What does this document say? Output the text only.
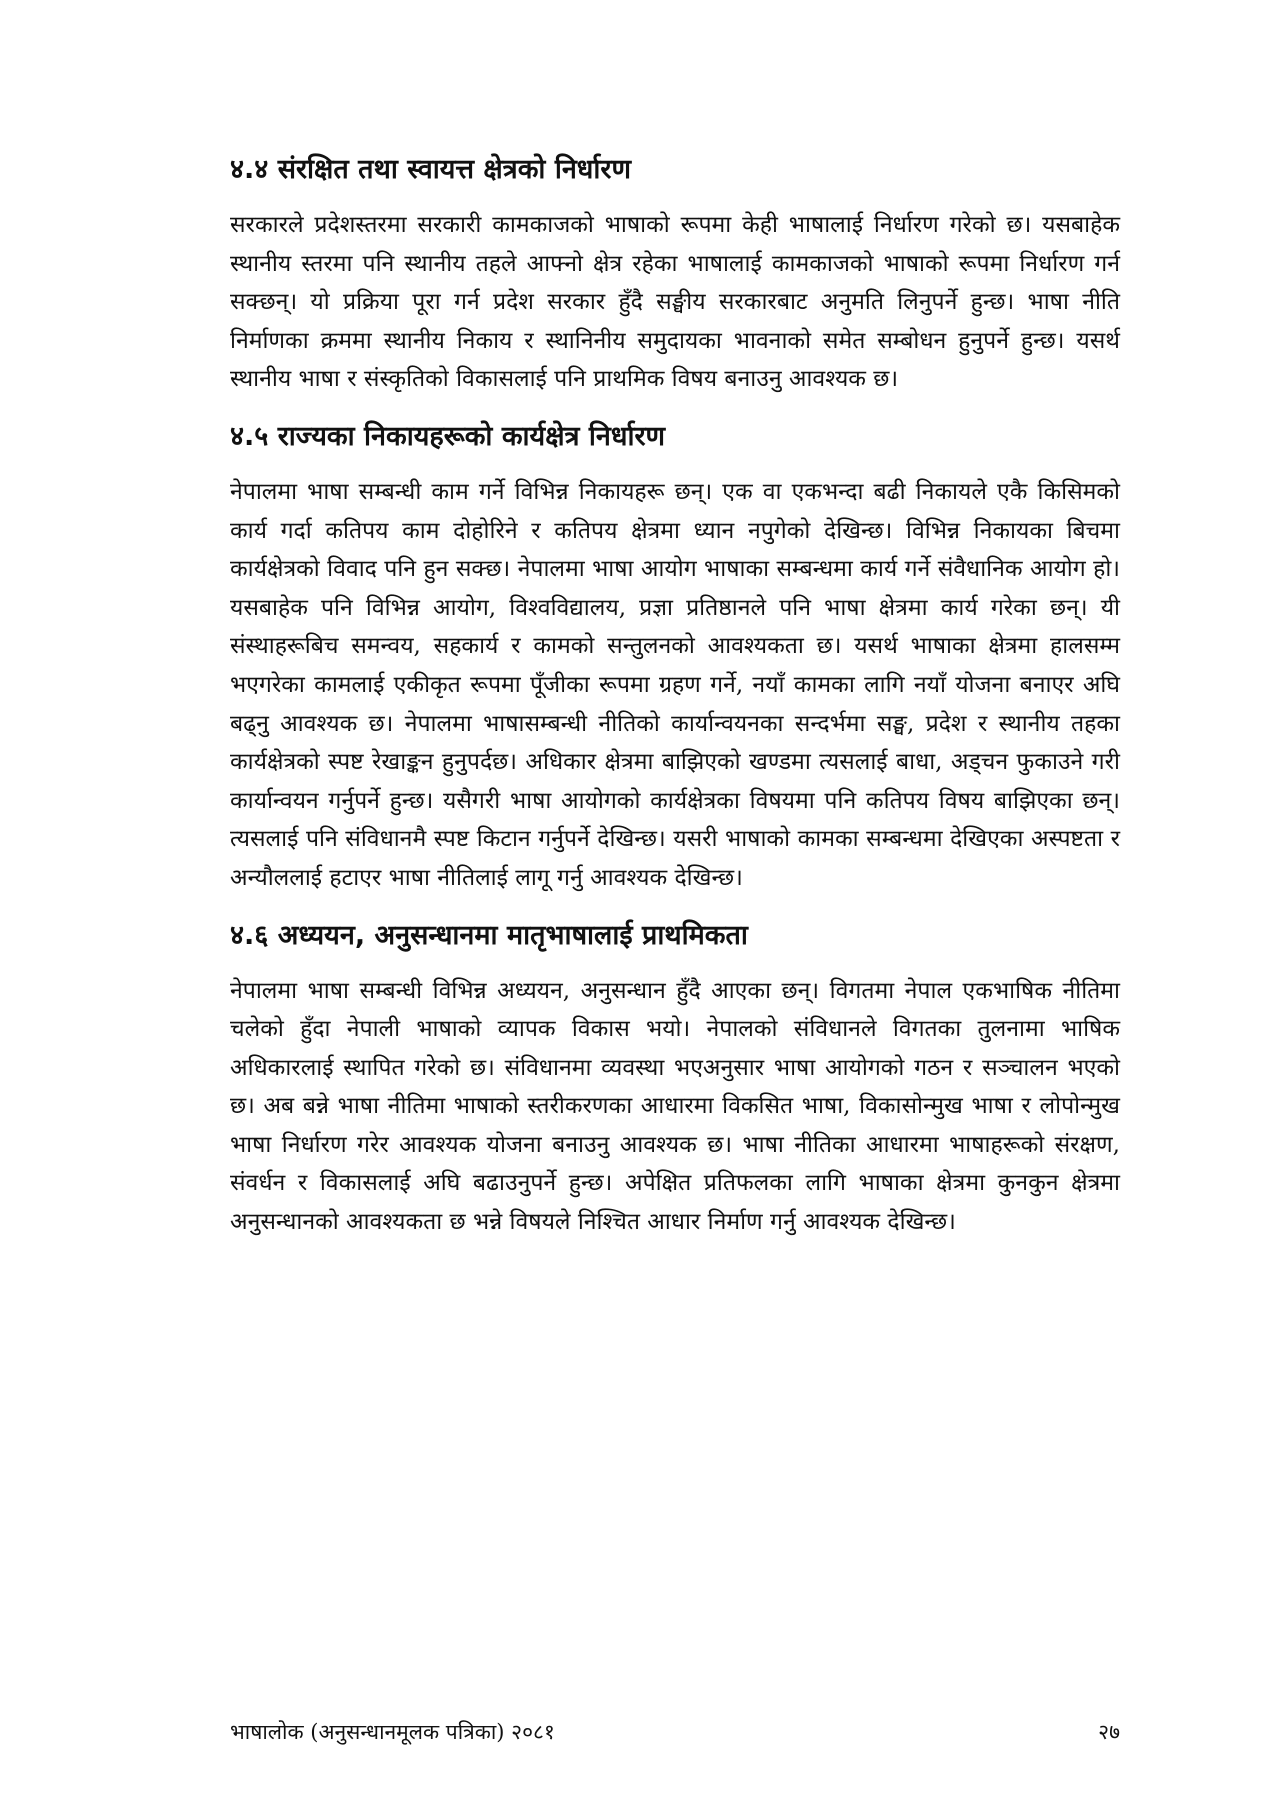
४.४ संरक्षित तथा स्वायत्त क्षेत्रको निर्धारण

सरकारले प्रदेशस्तरमा सरकारी कामकाजको भाषाको रूपमा केही भाषालाई निर्धारण गरेको छ। यसबाहेक स्थानीय स्तरमा पनि स्थानीय तहले आफ्नो क्षेत्र रहेका भाषालाई कामकाजको भाषाको रूपमा निर्धारण गर्न सक्छन्। यो प्रक्रिया पूरा गर्न प्रदेश सरकार हुँदै सङ्घीय सरकारबाट अनुमति लिनुपर्ने हुन्छ। भाषा नीति निर्माणका क्रममा स्थानीय निकाय र स्थानिनीय समुदायका भावनाको समेत सम्बोधन हुनुपर्ने हुन्छ। यसर्थ स्थानीय भाषा र संस्कृतिको विकासलाई पनि प्राथमिक विषय बनाउनु आवश्यक छ।

४.५ राज्यका निकायहरूको कार्यक्षेत्र निर्धारण

नेपालमा भाषा सम्बन्धी काम गर्ने विभिन्न निकायहरू छन्। एक वा एकभन्दा बढी निकायले एकै किसिमको कार्य गर्दा कतिपय काम दोहोरिने र कतिपय क्षेत्रमा ध्यान नपुगेको देखिन्छ। विभिन्न निकायका बिचमा कार्यक्षेत्रको विवाद पनि हुन सक्छ। नेपालमा भाषा आयोग भाषाका सम्बन्धमा कार्य गर्ने संवैधानिक आयोग हो। यसबाहेक पनि विभिन्न आयोग, विश्वविद्यालय, प्रज्ञा प्रतिष्ठानले पनि भाषा क्षेत्रमा कार्य गरेका छन्। यी संस्थाहरूबिच समन्वय, सहकार्य र कामको सन्तुलनको आवश्यकता छ। यसर्थ भाषाका क्षेत्रमा हालसम्म भएगरेका कामलाई एकीकृत रूपमा पूँजीका रूपमा ग्रहण गर्ने, नयाँ कामका लागि नयाँ योजना बनाएर अघि बढ्नु आवश्यक छ। नेपालमा भाषासम्बन्धी नीतिको कार्यान्वयनका सन्दर्भमा सङ्घ, प्रदेश र स्थानीय तहका कार्यक्षेत्रको स्पष्ट रेखाङ्कन हुनुपर्दछ। अधिकार क्षेत्रमा बाझिएको खण्डमा त्यसलाई बाधा, अड्चन फुकाउने गरी कार्यान्वयन गर्नुपर्ने हुन्छ। यसैगरी भाषा आयोगको कार्यक्षेत्रका विषयमा पनि कतिपय विषय बाझिएका छन्। त्यसलाई पनि संविधानमै स्पष्ट किटान गर्नुपर्ने देखिन्छ। यसरी भाषाको कामका सम्बन्धमा देखिएका अस्पष्टता र अन्यौललाई हटाएर भाषा नीतिलाई लागू गर्नु आवश्यक देखिन्छ।

४.६ अध्ययन, अनुसन्धानमा मातृभाषालाई प्राथमिकता

नेपालमा भाषा सम्बन्धी विभिन्न अध्ययन, अनुसन्धान हुँदै आएका छन्। विगतमा नेपाल एकभाषिक नीतिमा चलेको हुँदा नेपाली भाषाको व्यापक विकास भयो। नेपालको संविधानले विगतका तुलनामा भाषिक अधिकारलाई स्थापित गरेको छ। संविधानमा व्यवस्था भएअनुसार भाषा आयोगको गठन र सञ्चालन भएको छ। अब बन्ने भाषा नीतिमा भाषाको स्तरीकरणका आधारमा विकसित भाषा, विकासोन्मुख भाषा र लोपोन्मुख भाषा निर्धारण गरेर आवश्यक योजना बनाउनु आवश्यक छ। भाषा नीतिका आधारमा भाषाहरूको संरक्षण, संवर्धन र विकासलाई अघि बढाउनुपर्ने हुन्छ। अपेक्षित प्रतिफलका लागि भाषाका क्षेत्रमा कुनकुन क्षेत्रमा अनुसन्धानको आवश्यकता छ भन्ने विषयले निश्चित आधार निर्माण गर्नु आवश्यक देखिन्छ।

भाषालोक (अनुसन्धानमूलक पत्रिका) २०८१	२७
